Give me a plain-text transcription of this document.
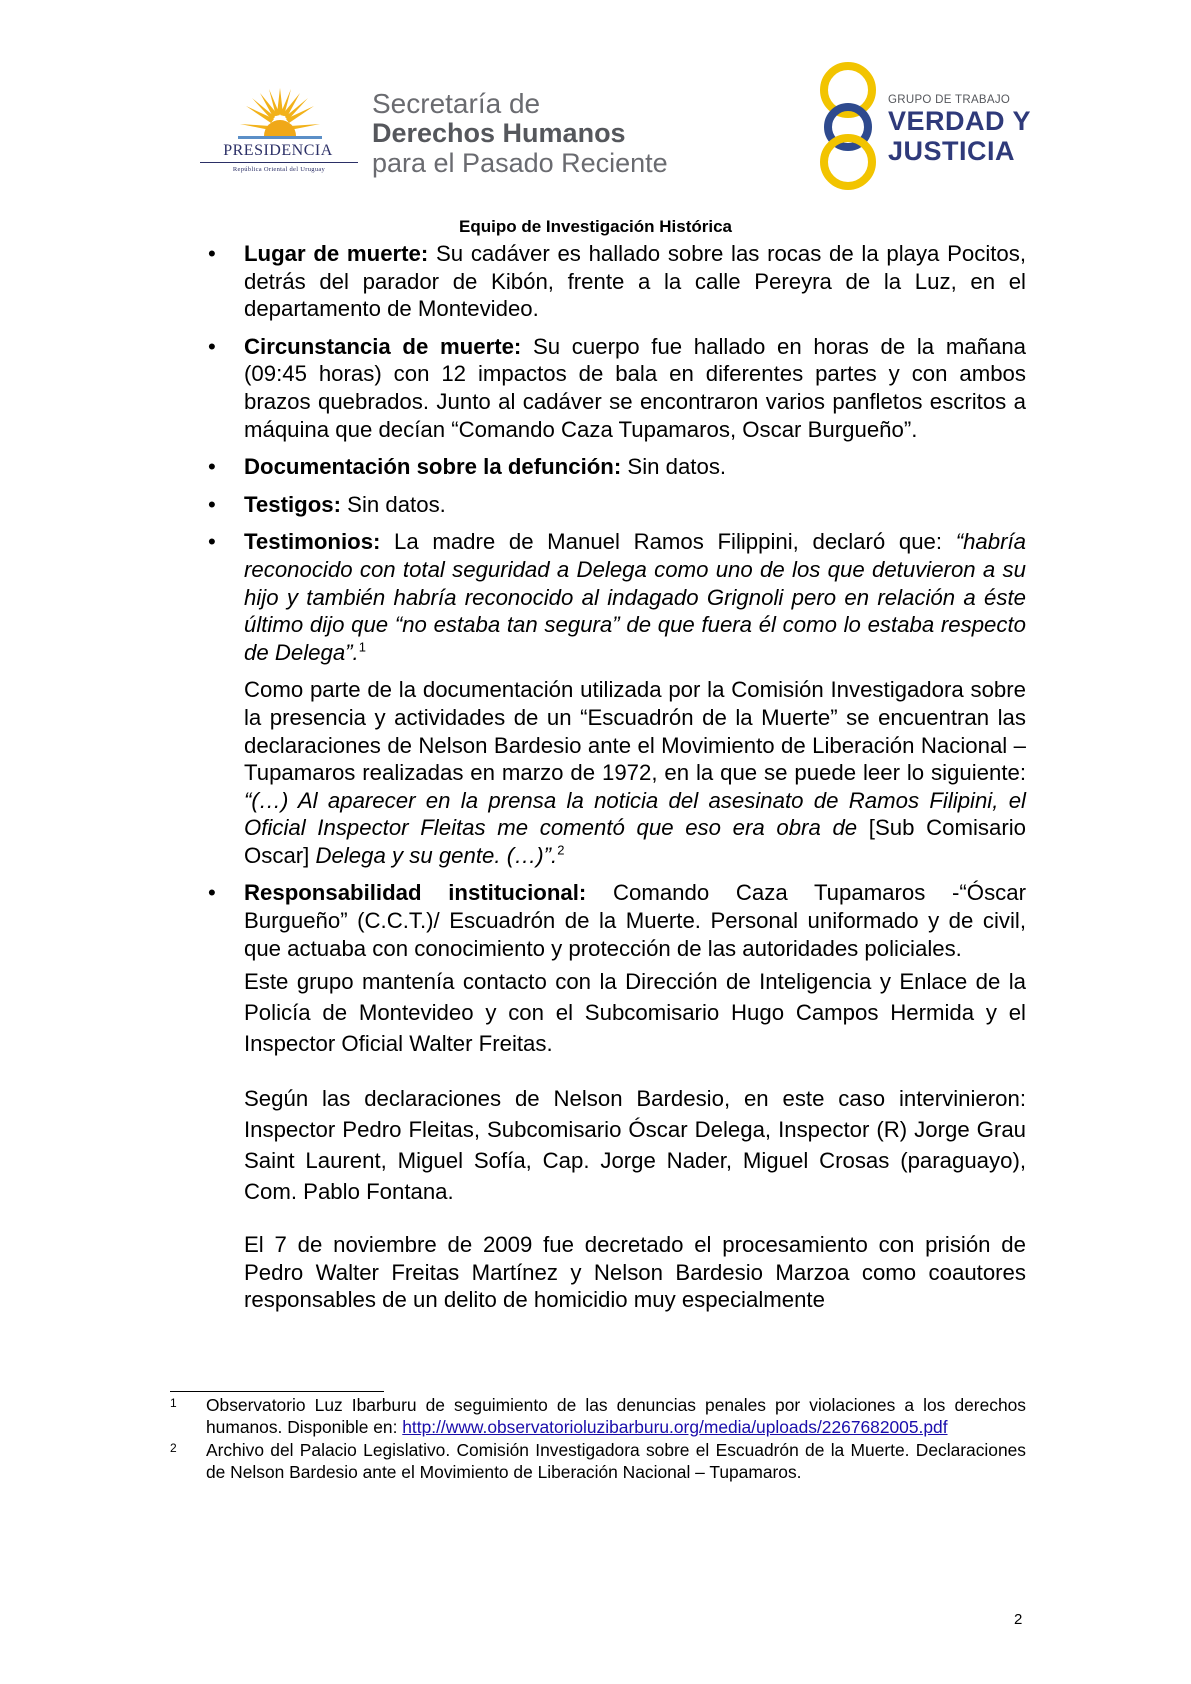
PRESIDENCIA
República Oriental del Uruguay
Secretaría de
Derechos Humanos
para el Pasado Reciente
GRUPO DE TRABAJO
VERDAD Y
JUSTICIA
Equipo de Investigación Histórica
• Lugar de muerte: Su cadáver es hallado sobre las rocas de la playa Pocitos, detrás del parador de Kibón, frente a la calle Pereyra de la Luz, en el departamento de Montevideo.
• Circunstancia de muerte: Su cuerpo fue hallado en horas de la mañana (09:45 horas) con 12 impactos de bala en diferentes partes y con ambos brazos quebrados. Junto al cadáver se encontraron varios panfletos escritos a máquina que decían “Comando Caza Tupamaros, Oscar Burgueño”.
• Documentación sobre la defunción: Sin datos.
• Testigos: Sin datos.
• Testimonios: La madre de Manuel Ramos Filippini, declaró que: “habría reconocido con total seguridad a Delega como uno de los que detuvieron a su hijo y también habría reconocido al indagado Grignoli pero en relación a éste último dijo que “no estaba tan segura” de que fuera él como lo estaba respecto de Delega”.$^1$
Como parte de la documentación utilizada por la Comisión Investigadora sobre la presencia y actividades de un “Escuadrón de la Muerte” se encuentran las declaraciones de Nelson Bardesio ante el Movimiento de Liberación Nacional – Tupamaros realizadas en marzo de 1972, en la que se puede leer lo siguiente: “(…) Al aparecer en la prensa la noticia del asesinato de Ramos Filipini, el Oficial Inspector Fleitas me comentó que eso era obra de [Sub Comisario Oscar] Delega y su gente. (…)”.$^2$
• Responsabilidad institucional: Comando Caza Tupamaros -“Óscar Burgueño” (C.C.T.)/ Escuadrón de la Muerte. Personal uniformado y de civil, que actuaba con conocimiento y protección de las autoridades policiales.
Este grupo mantenía contacto con la Dirección de Inteligencia y Enlace de la Policía de Montevideo y con el Subcomisario Hugo Campos Hermida y el Inspector Oficial Walter Freitas.
Según las declaraciones de Nelson Bardesio, en este caso intervinieron: Inspector Pedro Fleitas, Subcomisario Óscar Delega, Inspector (R) Jorge Grau Saint Laurent, Miguel Sofía, Cap. Jorge Nader, Miguel Crosas (paraguayo), Com. Pablo Fontana.
El 7 de noviembre de 2009 fue decretado el procesamiento con prisión de Pedro Walter Freitas Martínez y Nelson Bardesio Marzoa como coautores responsables de un delito de homicidio muy especialmente
1 Observatorio Luz Ibarburu de seguimiento de las denuncias penales por violaciones a los derechos humanos. Disponible en: http://www.observatorioluzibarburu.org/media/uploads/2267682005.pdf
2 Archivo del Palacio Legislativo. Comisión Investigadora sobre el Escuadrón de la Muerte. Declaraciones de Nelson Bardesio ante el Movimiento de Liberación Nacional – Tupamaros.
2
